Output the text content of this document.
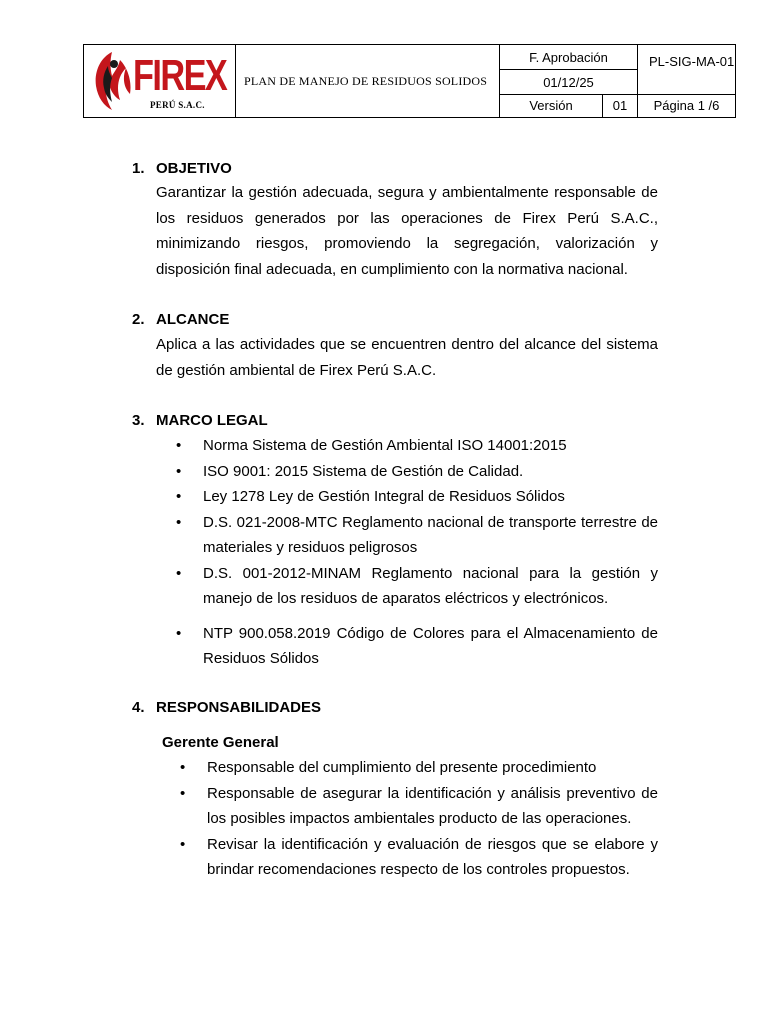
FIREX
PERÚ S.A.C.
PLAN DE MANEJO DE RESIDUOS SOLIDOS
F. Aprobación
01/12/25
Versión	01
PL-SIG-MA-01
Página 1 /6
1. OBJETIVO
Garantizar la gestión adecuada, segura y ambientalmente responsable de los residuos generados por las operaciones de Firex Perú S.A.C., minimizando riesgos, promoviendo la segregación, valorización y disposición final adecuada, en cumplimiento con la normativa nacional.
2. ALCANCE
Aplica a las actividades que se encuentren dentro del alcance del sistema de gestión ambiental de Firex Perú S.A.C.
3. MARCO LEGAL
• Norma Sistema de Gestión Ambiental ISO 14001:2015
• ISO 9001: 2015 Sistema de Gestión de Calidad.
• Ley 1278 Ley de Gestión Integral de Residuos Sólidos
• D.S. 021-2008-MTC Reglamento nacional de transporte terrestre de materiales y residuos peligrosos
• D.S. 001-2012-MINAM Reglamento nacional para la gestión y manejo de los residuos de aparatos eléctricos y electrónicos.
• NTP 900.058.2019 Código de Colores para el Almacenamiento de Residuos Sólidos
4. RESPONSABILIDADES
Gerente General
• Responsable del cumplimiento del presente procedimiento
• Responsable de asegurar la identificación y análisis preventivo de los posibles impactos ambientales producto de las operaciones.
• Revisar la identificación y evaluación de riesgos que se elabore y brindar recomendaciones respecto de los controles propuestos.
